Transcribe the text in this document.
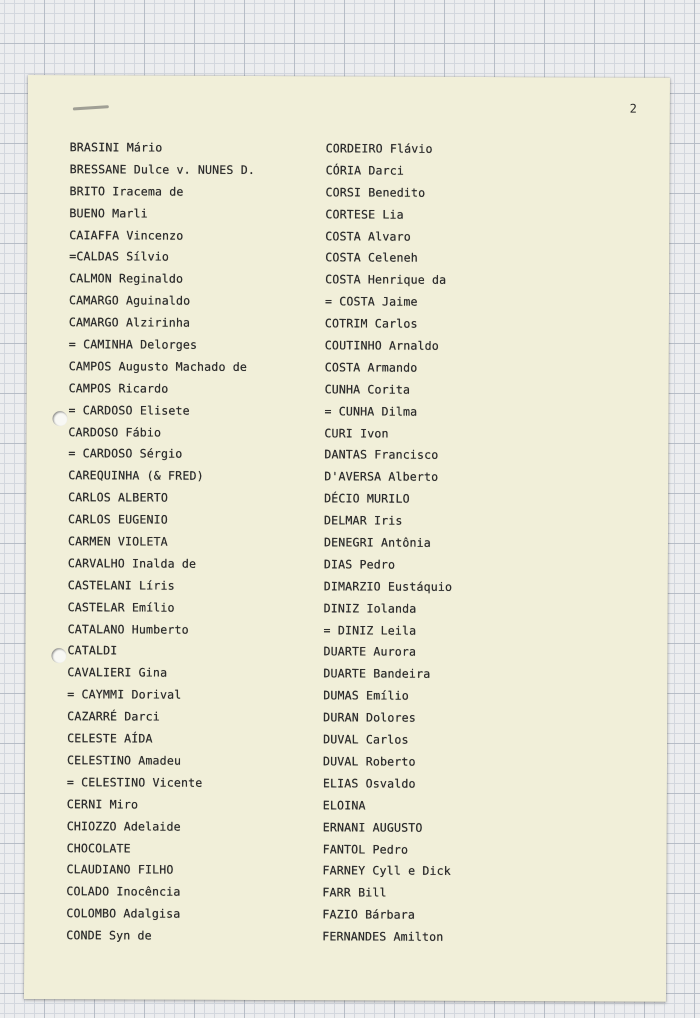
2
BRASINI Mário
BRESSANE Dulce v. NUNES D.
BRITO Iracema de
BUENO Marli
CAIAFFA Vincenzo
=CALDAS Sílvio
CALMON Reginaldo
CAMARGO Aguinaldo
CAMARGO Alzirinha
= CAMINHA Delorges
CAMPOS Augusto Machado de
CAMPOS Ricardo
= CARDOSO Elisete
CARDOSO Fábio
= CARDOSO Sérgio
CAREQUINHA (& FRED)
CARLOS ALBERTO
CARLOS EUGENIO
CARMEN VIOLETA
CARVALHO Inalda de
CASTELANI Líris
CASTELAR Emílio
CATALANO Humberto
CATALDI
CAVALIERI Gina
= CAYMMI Dorival
CAZARRÉ Darci
CELESTE AÍDA
CELESTINO Amadeu
= CELESTINO Vicente
CERNI Miro
CHIOZZO Adelaide
CHOCOLATE
CLAUDIANO FILHO
COLADO Inocência
COLOMBO Adalgisa
CONDE Syn de
CORDEIRO Flávio
CÓRIA Darci
CORSI Benedito
CORTESE Lia
COSTA Alvaro
COSTA Celeneh
COSTA Henrique da
= COSTA Jaime
COTRIM Carlos
COUTINHO Arnaldo
COSTA Armando
CUNHA Corita
= CUNHA Dilma
CURI Ivon
DANTAS Francisco
D'AVERSA Alberto
DÉCIO MURILO
DELMAR Iris
DENEGRI Antônia
DIAS Pedro
DIMARZIO Eustáquio
DINIZ Iolanda
= DINIZ Leila
DUARTE Aurora
DUARTE Bandeira
DUMAS Emílio
DURAN Dolores
DUVAL Carlos
DUVAL Roberto
ELIAS Osvaldo
ELOINA
ERNANI AUGUSTO
FANTOL Pedro
FARNEY Cyll e Dick
FARR Bill
FAZIO Bárbara
FERNANDES Amilton
